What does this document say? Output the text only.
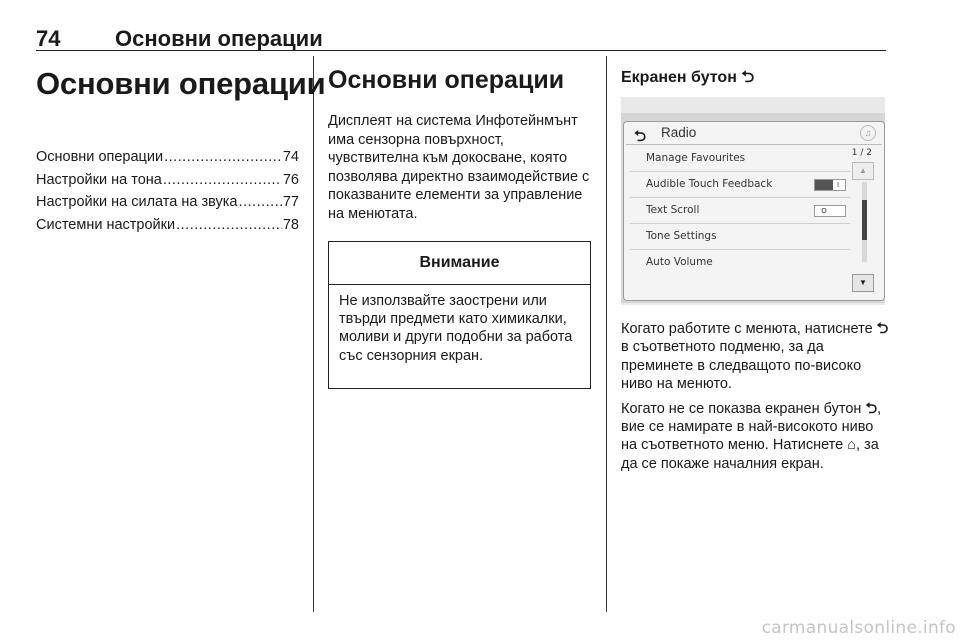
74 Основни операции
Основни операции
Основни операции .....	74
Настройки на тона .....	76
Настройки на силата на звука .....	77
Системни настройки .....	78
Основни операции
Дисплеят на система Инфотейнмънт има сензорна повърхност, чувствителна към докосване, която позволява директно взаимодействие с показваните елементи за управление на менютата.
Внимание
Не използвайте заострени или твърди предмети като химикалки, моливи и други подобни за работа със сензорния екран.
Екранен бутон ⮌
⮌ Radio	♫
Manage Favourites
Audible Touch Feedback	I
Text Scroll	O
Tone Settings
Auto Volume
1 / 2
▲
▼

Когато работите с менюта, натиснете ⮌ в съответното подменю, за да преминете в следващото по-високо ниво на менюто.

Когато не се показва екранен бутон ⮌, вие се намирате в най-високото ниво на съответното меню. Натиснете ⌂, за да се покаже началния екран.

carmanualsonline.info
